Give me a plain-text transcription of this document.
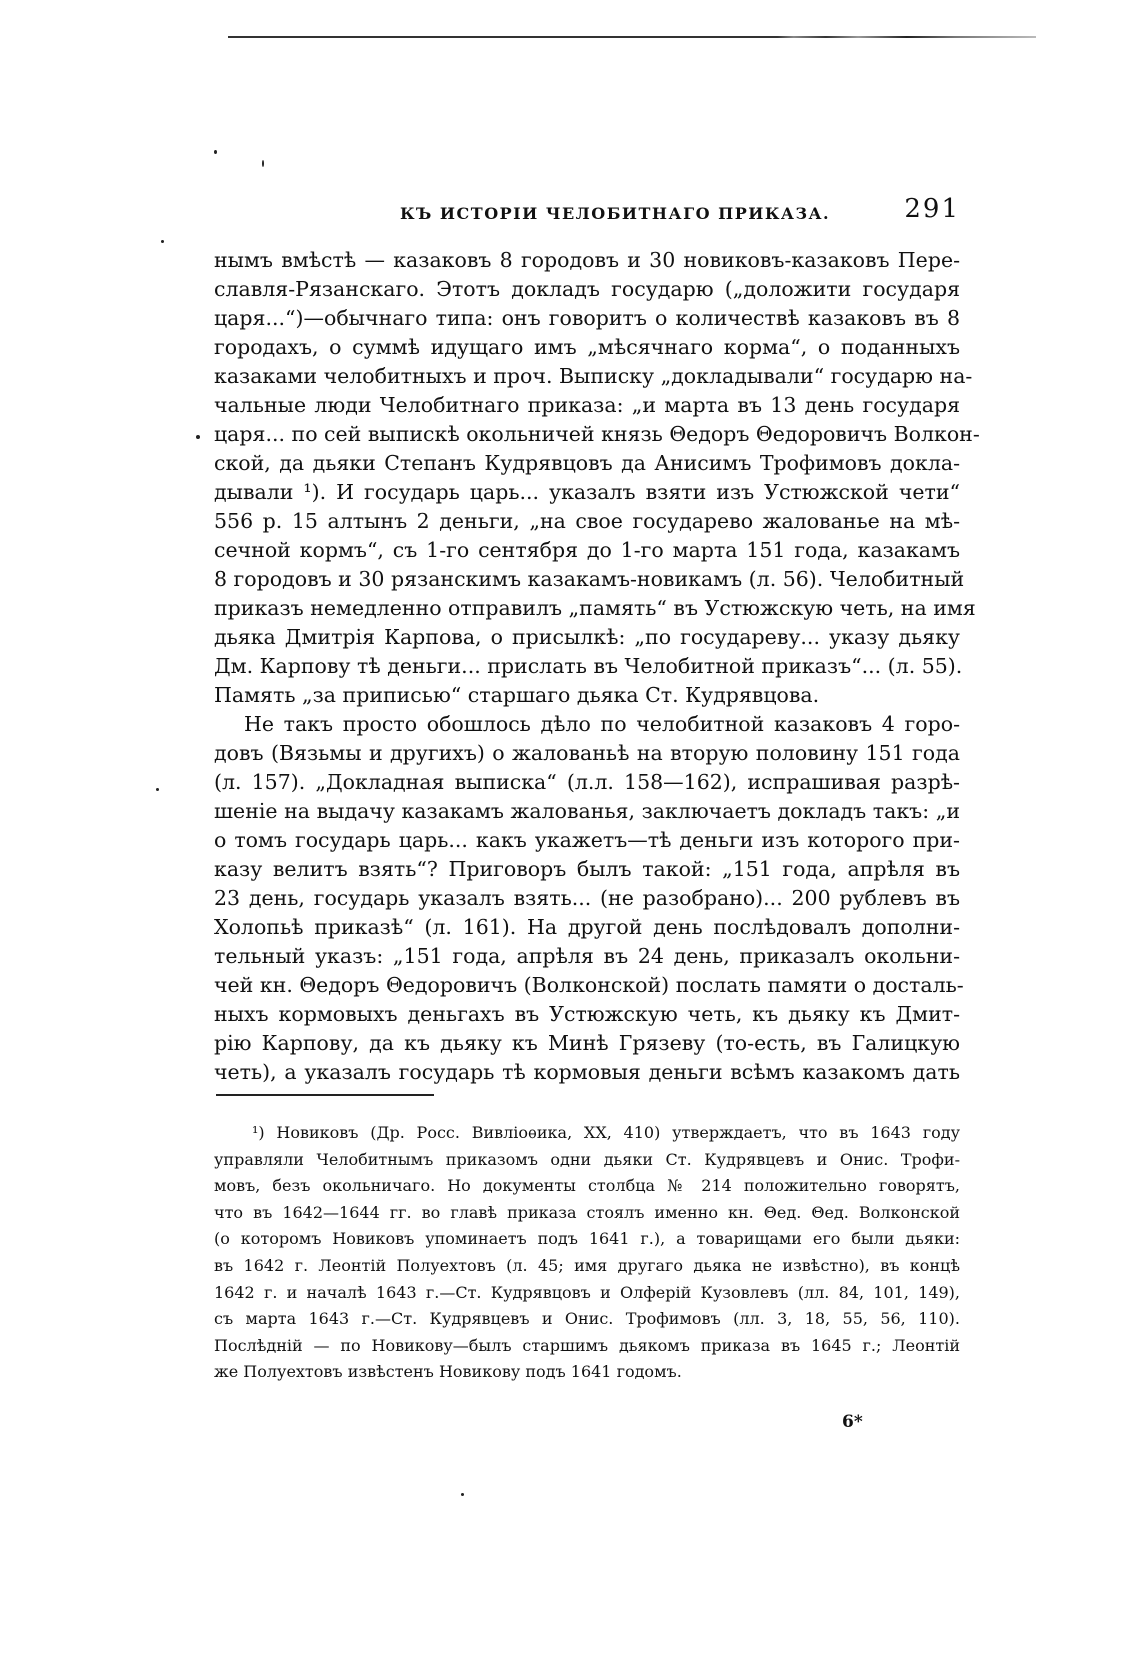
КЪ ИСТОРІИ ЧЕЛОБИТНАГО ПРИКАЗА.	291
нымъ вмѣстѣ — казаковъ 8 городовъ и 30 новиковъ-казаковъ Пере-
славля-Рязанскаго. Этотъ докладъ государю („доложити государя
царя...“)—обычнаго типа: онъ говоритъ о количествѣ казаковъ въ 8
городахъ, о суммѣ идущаго имъ „мѣсячнаго корма“, о поданныхъ
казаками челобитныхъ и проч. Выписку „докладывали“ государю на-
чальные люди Челобитнаго приказа: „и марта въ 13 день государя
царя... по сей выпискѣ окольничей князь Θедоръ Θедоровичъ Волкон-
ской, да дьяки Степанъ Кудрявцовъ да Анисимъ Трофимовъ докла-
дывали ¹). И государь царь... указалъ взяти изъ Устюжской чети“
556 р. 15 алтынъ 2 деньги, „на свое государево жалованье на мѣ-
сечной кормъ“, съ 1-го сентября до 1-го марта 151 года, казакамъ
8 городовъ и 30 рязанскимъ казакамъ-новикамъ (л. 56). Челобитный
приказъ немедленно отправилъ „память“ въ Устюжскую четь, на имя
дьяка Дмитрія Карпова, о присылкѣ: „по государеву... указу дьяку
Дм. Карпову тѣ деньги... прислать въ Челобитной приказъ“... (л. 55).
Память „за приписью“ старшаго дьяка Ст. Кудрявцова.
Не такъ просто обошлось дѣло по челобитной казаковъ 4 горо-
довъ (Вязьмы и другихъ) о жалованьѣ на вторую половину 151 года
(л. 157). „Докладная выписка“ (л.л. 158—162), испрашивая разрѣ-
шеніе на выдачу казакамъ жалованья, заключаетъ докладъ такъ: „и
о томъ государь царь... какъ укажетъ—тѣ деньги изъ которого при-
казу велитъ взять“? Приговоръ былъ такой: „151 года, апрѣля въ
23 день, государь указалъ взять... (не разобрано)... 200 рублевъ въ
Холопьѣ приказѣ“ (л. 161). На другой день послѣдовалъ дополни-
тельный указъ: „151 года, апрѣля въ 24 день, приказалъ окольни-
чей кн. Θедоръ Θедоровичъ (Волконской) послать памяти о досталь-
ныхъ кормовыхъ деньгахъ въ Устюжскую четь, къ дьяку къ Дмит-
рію Карпову, да къ дьяку къ Минѣ Грязеву (то-есть, въ Галицкую
четь), а указалъ государь тѣ кормовыя деньги всѣмъ казакомъ дать
¹) Новиковъ (Др. Росс. Вивліоѳика, XX, 410) утверждаетъ, что въ 1643 году
управляли Челобитнымъ приказомъ одни дьяки Ст. Кудрявцевъ и Онис. Трофи-
мовъ, безъ окольничаго. Но документы столбца № 214 положительно говорятъ,
что въ 1642—1644 гг. во главѣ приказа стоялъ именно кн. Θед. Θед. Волконской
(о которомъ Новиковъ упоминаетъ подъ 1641 г.), а товарищами его были дьяки:
въ 1642 г. Леонтій Полуехтовъ (л. 45; имя другаго дьяка не извѣстно), въ концѣ
1642 г. и началѣ 1643 г.—Ст. Кудрявцовъ и Олферій Кузовлевъ (лл. 84, 101, 149),
съ марта 1643 г.—Ст. Кудрявцевъ и Онис. Трофимовъ (лл. 3, 18, 55, 56, 110).
Послѣдній — по Новикову—былъ старшимъ дьякомъ приказа въ 1645 г.; Леонтій
же Полуехтовъ извѣстенъ Новикову подъ 1641 годомъ.
6*
